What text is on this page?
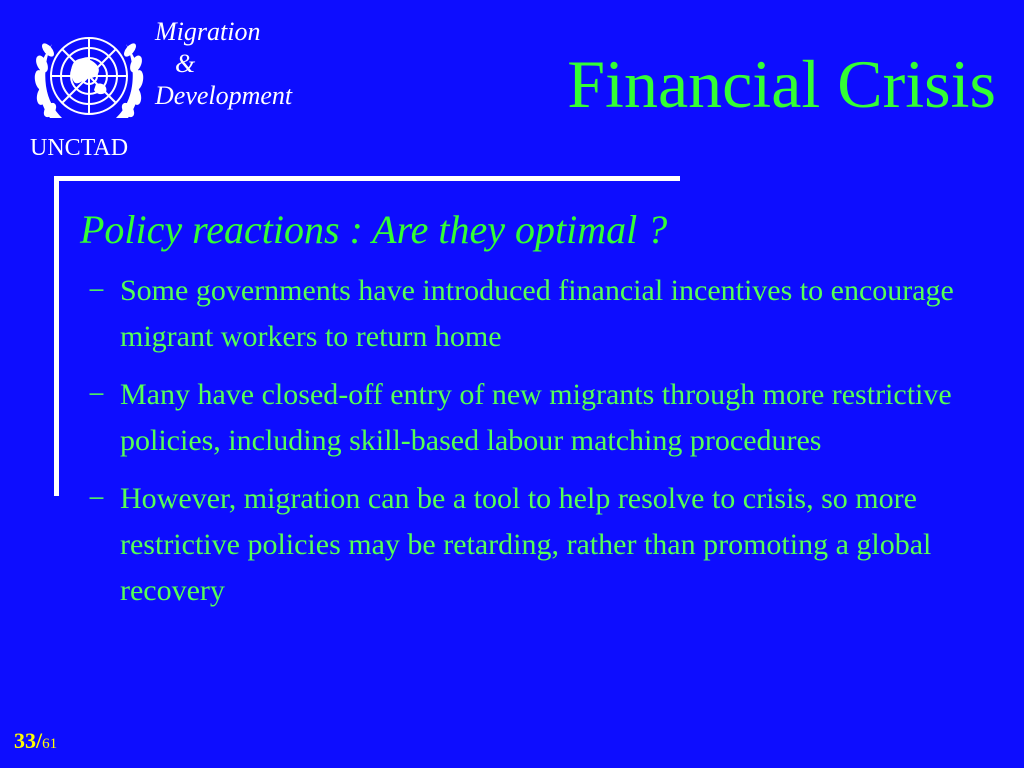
UNCTAD
Migration
&
Development	Financial Crisis
Policy reactions : Are they optimal ?
− Some governments have introduced financial incentives to encourage migrant workers to return home
− Many have closed-off entry of new migrants through more restrictive policies, including skill-based labour matching procedures
− However, migration can be a tool to help resolve to crisis, so more restrictive policies may be retarding, rather than promoting a global recovery
33/61
